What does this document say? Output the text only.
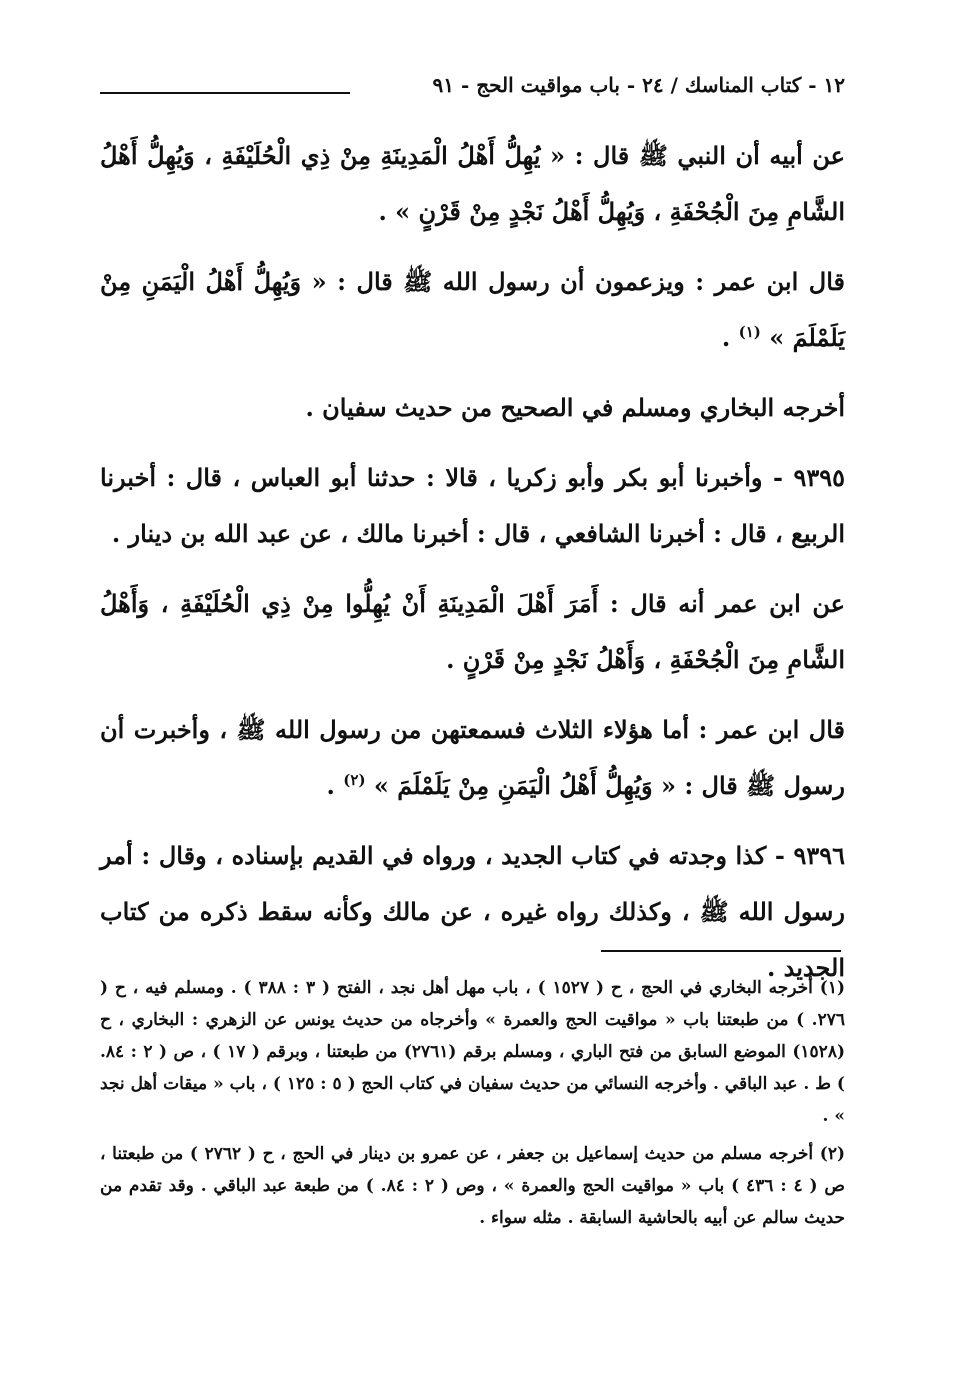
١٢ - كتاب المناسك / ٢٤ - باب مواقيت الحج - ٩١

عن أبيه أن النبي ﷺ قال : « يُهِلُّ أَهْلُ الْمَدِينَةِ مِنْ ذِي الْحُلَيْفَةِ ، وَيُهِلُّ أَهْلُ الشَّامِ مِنَ الْجُحْفَةِ ، وَيُهِلُّ أَهْلُ نَجْدٍ مِنْ قَرْنٍ » .

قال ابن عمر : ويزعمون أن رسول الله ﷺ قال : « وَيُهِلُّ أَهْلُ الْيَمَنِ مِنْ يَلَمْلَمَ » $^{(١)}$ .

أخرجه البخاري ومسلم في الصحيح من حديث سفيان .

٩٣٩٥ - وأخبرنا أبو بكر وأبو زكريا ، قالا : حدثنا أبو العباس ، قال : أخبرنا الربيع ، قال : أخبرنا الشافعي ، قال : أخبرنا مالك ، عن عبد الله بن دينار .

عن ابن عمر أنه قال : أَمَرَ أَهْلَ الْمَدِينَةِ أَنْ يُهِلُّوا مِنْ ذِي الْحُلَيْفَةِ ، وَأَهْلُ الشَّامِ مِنَ الْجُحْفَةِ ، وَأَهْلُ نَجْدٍ مِنْ قَرْنٍ .

قال ابن عمر : أما هؤلاء الثلاث فسمعتهن من رسول الله ﷺ ، وأخبرت أن رسول ﷺ قال : « وَيُهِلُّ أَهْلُ الْيَمَنِ مِنْ يَلَمْلَمَ » $^{(٢)}$ .

٩٣٩٦ - كذا وجدته في كتاب الجديد ، ورواه في القديم بإسناده ، وقال : أمر رسول الله ﷺ ، وكذلك رواه غيره ، عن مالك وكأنه سقط ذكره من كتاب الجديد .

(١) أخرجه البخاري في الحج ، ح ( ١٥٢٧ ) ، باب مهل أهل نجد ، الفتح ( ٣ : ٣٨٨ ) . ومسلم فيه ، ح ( ٢٧٦. ) من طبعتنا باب « مواقيت الحج والعمرة » وأخرجاه من حديث يونس عن الزهري : البخاري ، ح (١٥٢٨) الموضع السابق من فتح الباري ، ومسلم برقم (٢٧٦١) من طبعتنا ، وبرقم ( ١٧ ) ، ص ( ٢ : ٨٤. ) ط . عبد الباقي . وأخرجه النسائي من حديث سفيان في كتاب الحج ( ٥ : ١٢٥ ) ، باب « ميقات أهل نجد » .

(٢) أخرجه مسلم من حديث إسماعيل بن جعفر ، عن عمرو بن دينار في الحج ، ح ( ٢٧٦٢ ) من طبعتنا ، ص ( ٤ : ٤٣٦ ) باب « مواقيت الحج والعمرة » ، وص ( ٢ : ٨٤. ) من طبعة عبد الباقي . وقد تقدم من حديث سالم عن أبيه بالحاشية السابقة . مثله سواء .
